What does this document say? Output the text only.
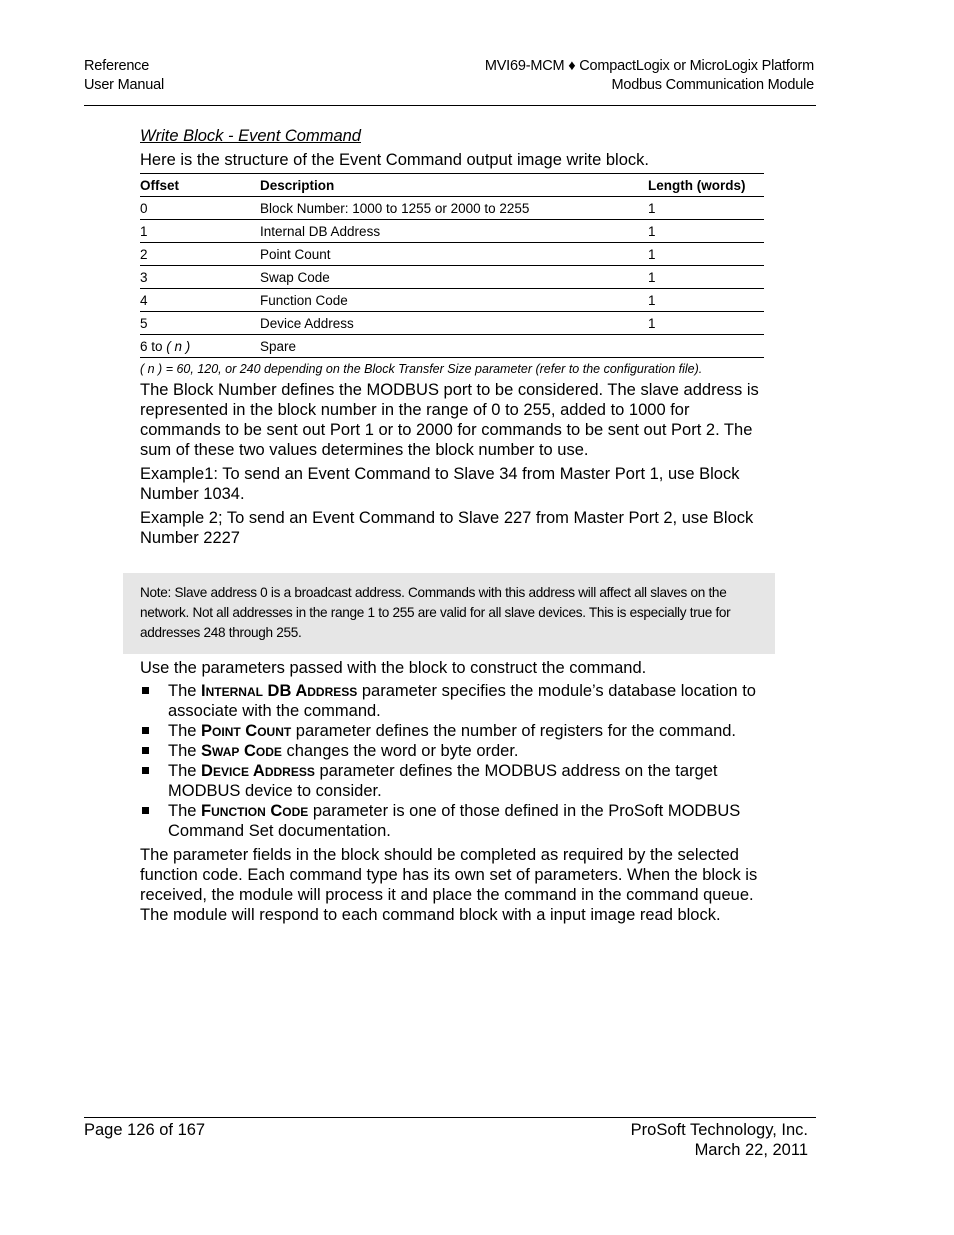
Reference
User Manual
MVI69-MCM ♦ CompactLogix or MicroLogix Platform
Modbus Communication Module

Write Block - Event Command

Here is the structure of the Event Command output image write block.

Offset	Description	Length (words)
0	Block Number: 1000 to 1255 or 2000 to 2255	1
1	Internal DB Address	1
2	Point Count	1
3	Swap Code	1
4	Function Code	1
5	Device Address	1
6 to ( n )	Spare	

( n ) = 60, 120, or 240 depending on the Block Transfer Size parameter (refer to the configuration file).

The Block Number defines the MODBUS port to be considered. The slave address is represented in the block number in the range of 0 to 255, added to 1000 for commands to be sent out Port 1 or to 2000 for commands to be sent out Port 2. The sum of these two values determines the block number to use.

Example1: To send an Event Command to Slave 34 from Master Port 1, use Block Number 1034.

Example 2; To send an Event Command to Slave 227 from Master Port 2, use Block Number 2227

Note: Slave address 0 is a broadcast address. Commands with this address will affect all slaves on the network. Not all addresses in the range 1 to 255 are valid for all slave devices. This is especially true for addresses 248 through 255.

Use the parameters passed with the block to construct the command.

The Internal DB Address parameter specifies the module’s database location to associate with the command.
The Point Count parameter defines the number of registers for the command.
The Swap Code changes the word or byte order.
The Device Address parameter defines the MODBUS address on the target MODBUS device to consider.
The Function Code parameter is one of those defined in the ProSoft MODBUS Command Set documentation.

The parameter fields in the block should be completed as required by the selected function code. Each command type has its own set of parameters. When the block is received, the module will process it and place the command in the command queue. The module will respond to each command block with a input image read block.

Page 126 of 167	ProSoft Technology, Inc.
March 22, 2011
